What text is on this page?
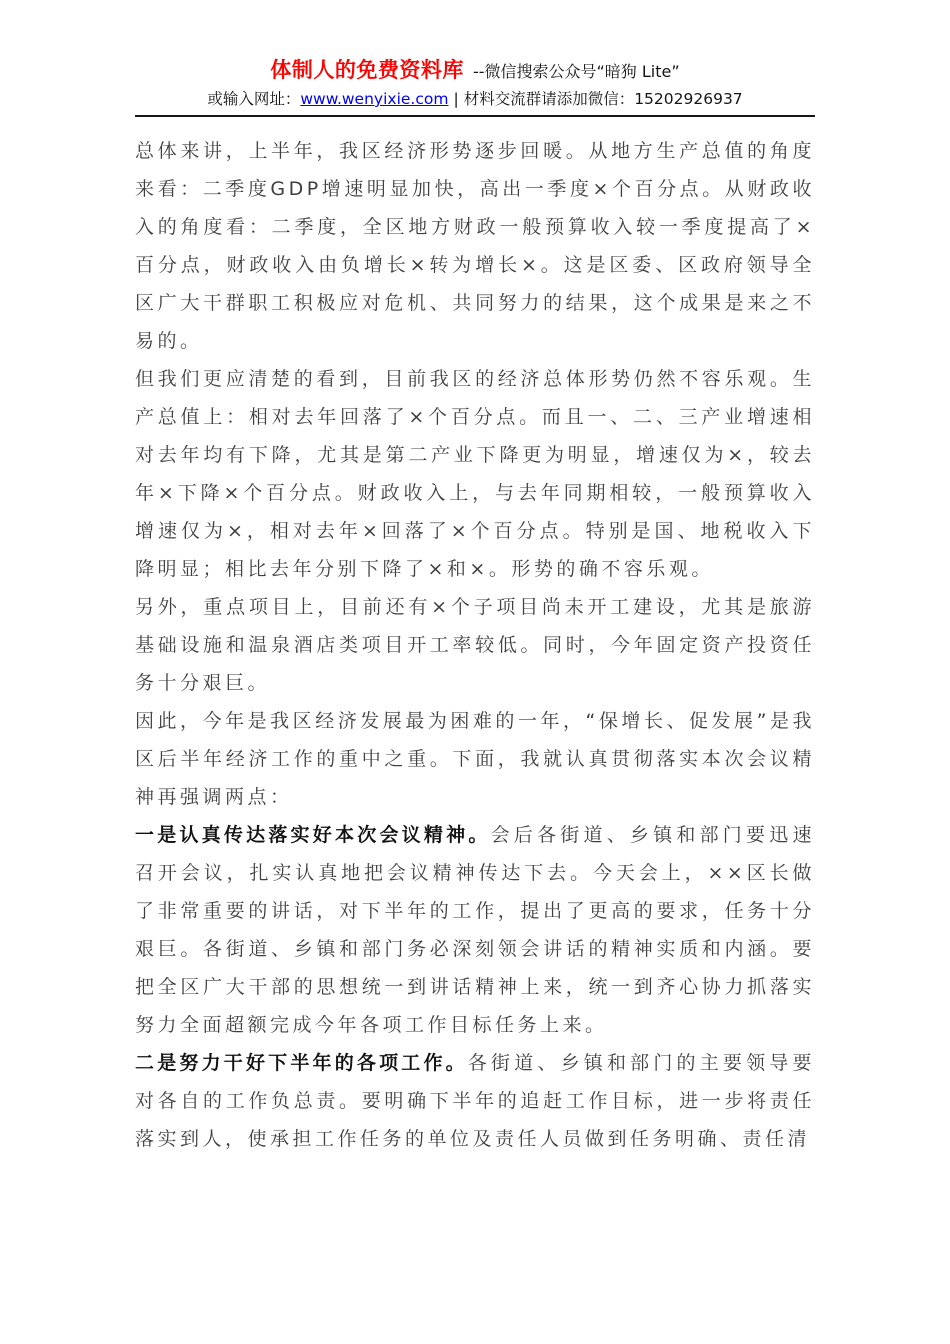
体制人的免费资料库 --微信搜索公众号“暗狗 Lite”
或输入网址：www.wenyixie.com | 材料交流群请添加微信：15202926937

总体来讲，上半年，我区经济形势逐步回暖。从地方生产总值的角度来看：二季度GDP增速明显加快，高出一季度×个百分点。从财政收入的角度看：二季度，全区地方财政一般预算收入较一季度提高了×百分点，财政收入由负增长×转为增长×。这是区委、区政府领导全区广大干群职工积极应对危机、共同努力的结果，这个成果是来之不易的。

但我们更应清楚的看到，目前我区的经济总体形势仍然不容乐观。生产总值上：相对去年回落了×个百分点。而且一、二、三产业增速相对去年均有下降，尤其是第二产业下降更为明显，增速仅为×，较去年×下降×个百分点。财政收入上，与去年同期相较，一般预算收入增速仅为×，相对去年×回落了×个百分点。特别是国、地税收入下降明显；相比去年分别下降了×和×。形势的确不容乐观。

另外，重点项目上，目前还有×个子项目尚未开工建设，尤其是旅游基础设施和温泉酒店类项目开工率较低。同时，今年固定资产投资任务十分艰巨。

因此，今年是我区经济发展最为困难的一年，“保增长、促发展”是我区后半年经济工作的重中之重。下面，我就认真贯彻落实本次会议精神再强调两点：

一是认真传达落实好本次会议精神。会后各街道、乡镇和部门要迅速召开会议，扎实认真地把会议精神传达下去。今天会上，××区长做了非常重要的讲话，对下半年的工作，提出了更高的要求，任务十分艰巨。各街道、乡镇和部门务必深刻领会讲话的精神实质和内涵。要把全区广大干部的思想统一到讲话精神上来，统一到齐心协力抓落实努力全面超额完成今年各项工作目标任务上来。

二是努力干好下半年的各项工作。各街道、乡镇和部门的主要领导要对各自的工作负总责。要明确下半年的追赶工作目标，进一步将责任落实到人，使承担工作任务的单位及责任人员做到任务明确、责任清
